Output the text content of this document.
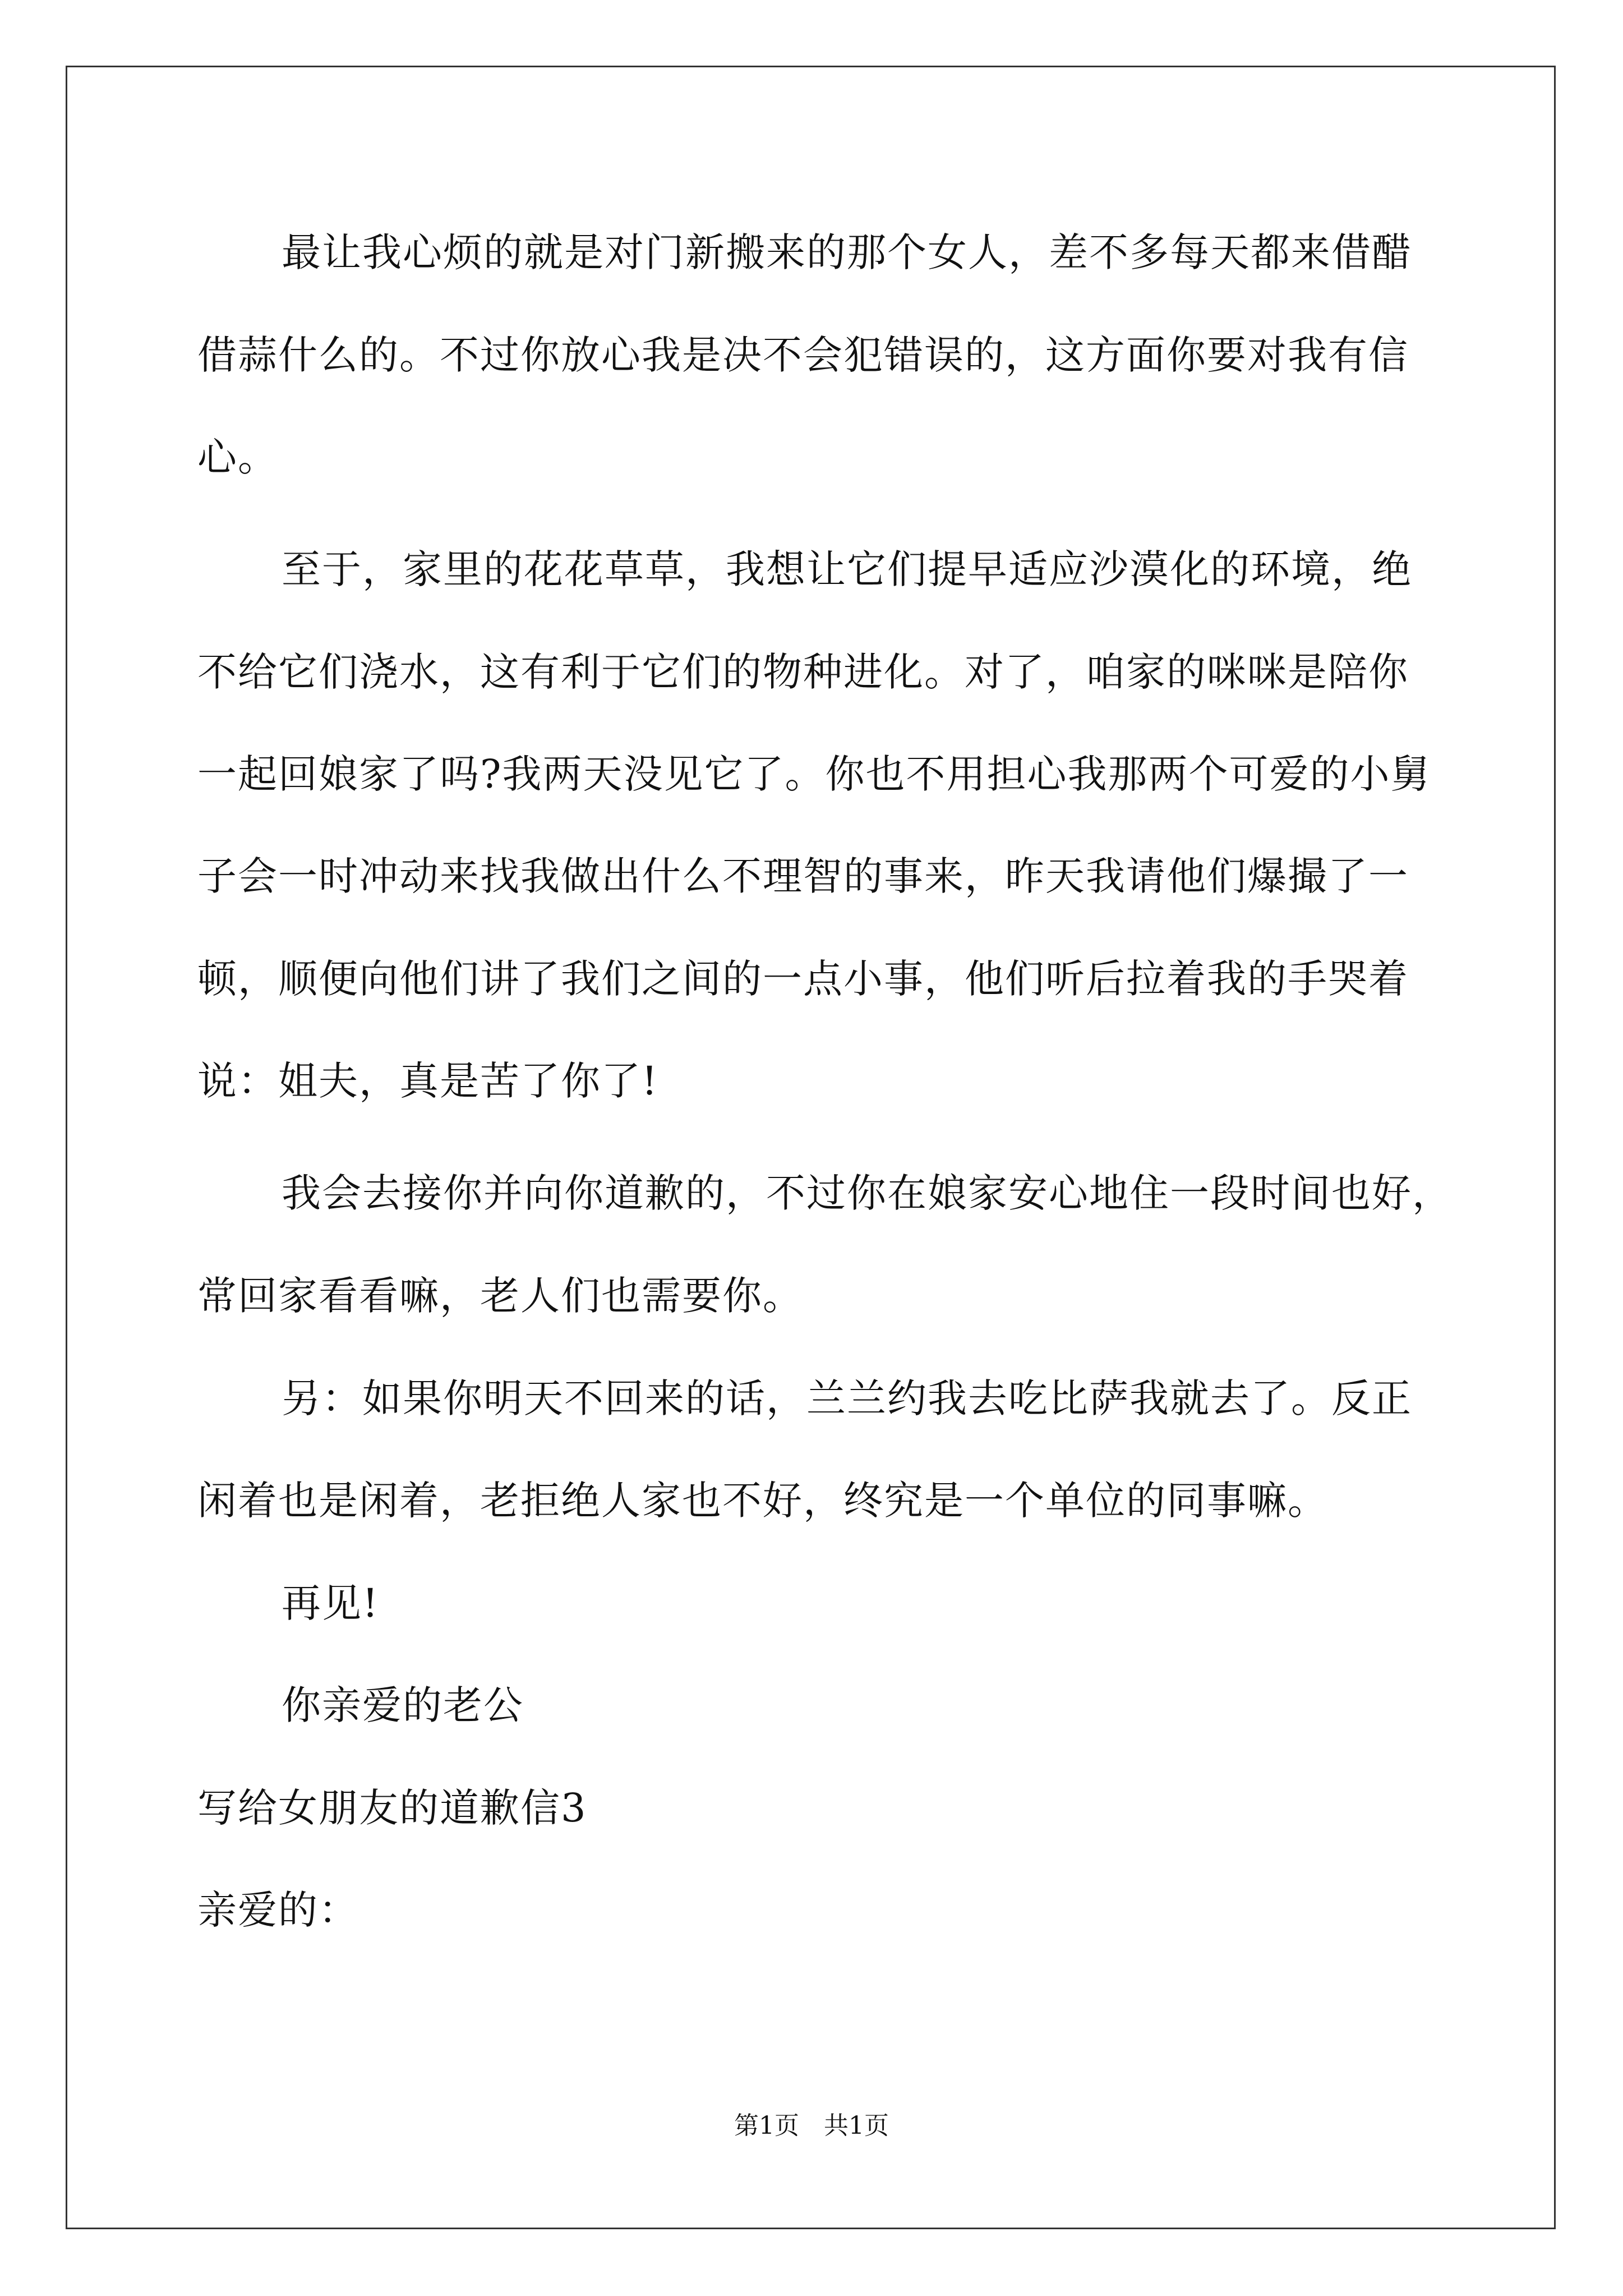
最让我心烦的就是对门新搬来的那个女人，差不多每天都来借醋
借蒜什么的。不过你放心我是决不会犯错误的，这方面你要对我有信
心。
至于，家里的花花草草，我想让它们提早适应沙漠化的环境，绝
不给它们浇水，这有利于它们的物种进化。对了，咱家的咪咪是陪你
一起回娘家了吗?我两天没见它了。你也不用担心我那两个可爱的小舅
子会一时冲动来找我做出什么不理智的事来，昨天我请他们爆撮了一
顿，顺便向他们讲了我们之间的一点小事，他们听后拉着我的手哭着
说：姐夫，真是苦了你了!
我会去接你并向你道歉的，不过你在娘家安心地住一段时间也好，
常回家看看嘛，老人们也需要你。
另：如果你明天不回来的话，兰兰约我去吃比萨我就去了。反正
闲着也是闲着，老拒绝人家也不好，终究是一个单位的同事嘛。
再见!
你亲爱的老公
写给女朋友的道歉信3
亲爱的：
第1页　共1页
